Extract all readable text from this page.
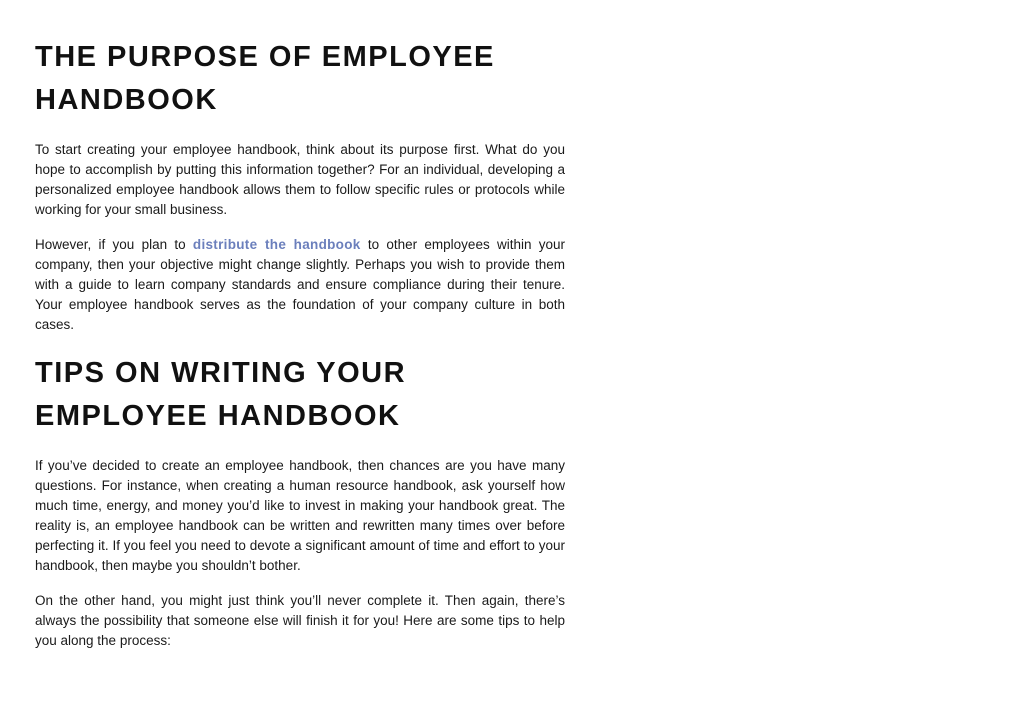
THE PURPOSE OF EMPLOYEE HANDBOOK

To start creating your employee handbook, think about its purpose first. What do you hope to accomplish by putting this information together? For an individual, developing a personalized employee handbook allows them to follow specific rules or protocols while working for your small business.

However, if you plan to distribute the handbook to other employees within your company, then your objective might change slightly. Perhaps you wish to provide them with a guide to learn company standards and ensure compliance during their tenure. Your employee handbook serves as the foundation of your company culture in both cases.

TIPS ON WRITING YOUR EMPLOYEE HANDBOOK

If you’ve decided to create an employee handbook, then chances are you have many questions. For instance, when creating a human resource handbook, ask yourself how much time, energy, and money you’d like to invest in making your handbook great. The reality is, an employee handbook can be written and rewritten many times over before perfecting it. If you feel you need to devote a significant amount of time and effort to your handbook, then maybe you shouldn’t bother.

On the other hand, you might just think you’ll never complete it. Then again, there’s always the possibility that someone else will finish it for you! Here are some tips to help you along the process:
